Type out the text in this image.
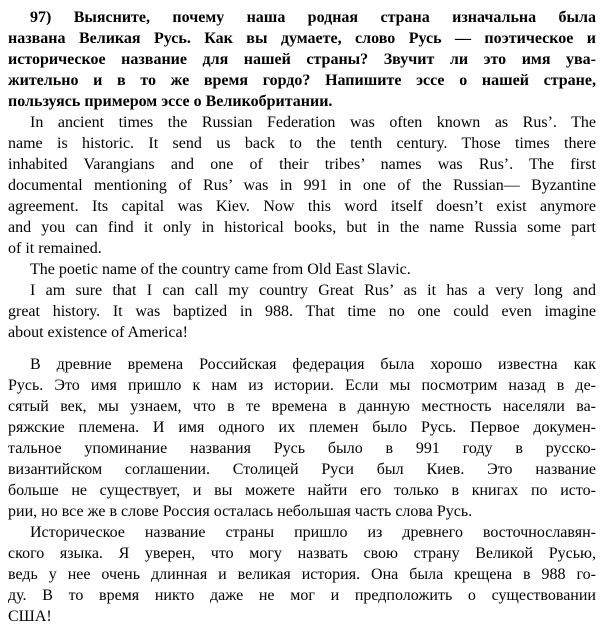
97) Выясните, почему наша родная страна изначальна была
названа Великая Русь. Как вы думаете, слово Русь — поэтическое и
историческое название для нашей страны? Звучит ли это имя ува-
жительно и в то же время гордо? Напишите эссе о нашей стране,
пользуясь примером эссе о Великобритании.
In ancient times the Russian Federation was often known as Rus’. The
name is historic. It send us back to the tenth century. Those times there
inhabited Varangians and one of their tribes’ names was Rus’. The first
documental mentioning of Rus’ was in 991 in one of the Russian— Byzantine
agreement. Its capital was Kiev. Now this word itself doesn’t exist anymore
and you can find it only in historical books, but in the name Russia some part
of it remained.
The poetic name of the country came from Old East Slavic.
I am sure that I can call my country Great Rus’ as it has a very long and
great history. It was baptized in 988. That time no one could even imagine
about existence of America!
В древние времена Российская федерация была хорошо известна как
Русь. Это имя пришло к нам из истории. Если мы посмотрим назад в де-
сятый век, мы узнаем, что в те времена в данную местность населяли ва-
ряжские племена. И имя одного их племен было Русь. Первое докумен-
тальное упоминание названия Русь было в 991 году в русско-
византийском соглашении. Столицей Руси был Киев. Это название
больше не существует, и вы можете найти его только в книгах по исто-
рии, но все же в слове Россия осталась небольшая часть слова Русь.
Историческое название страны пришло из древнего восточнославян-
ского языка. Я уверен, что могу назвать свою страну Великой Русью,
ведь у нее очень длинная и великая история. Она была крещена в 988 го-
ду. В то время никто даже не мог и предположить о существовании
США!
